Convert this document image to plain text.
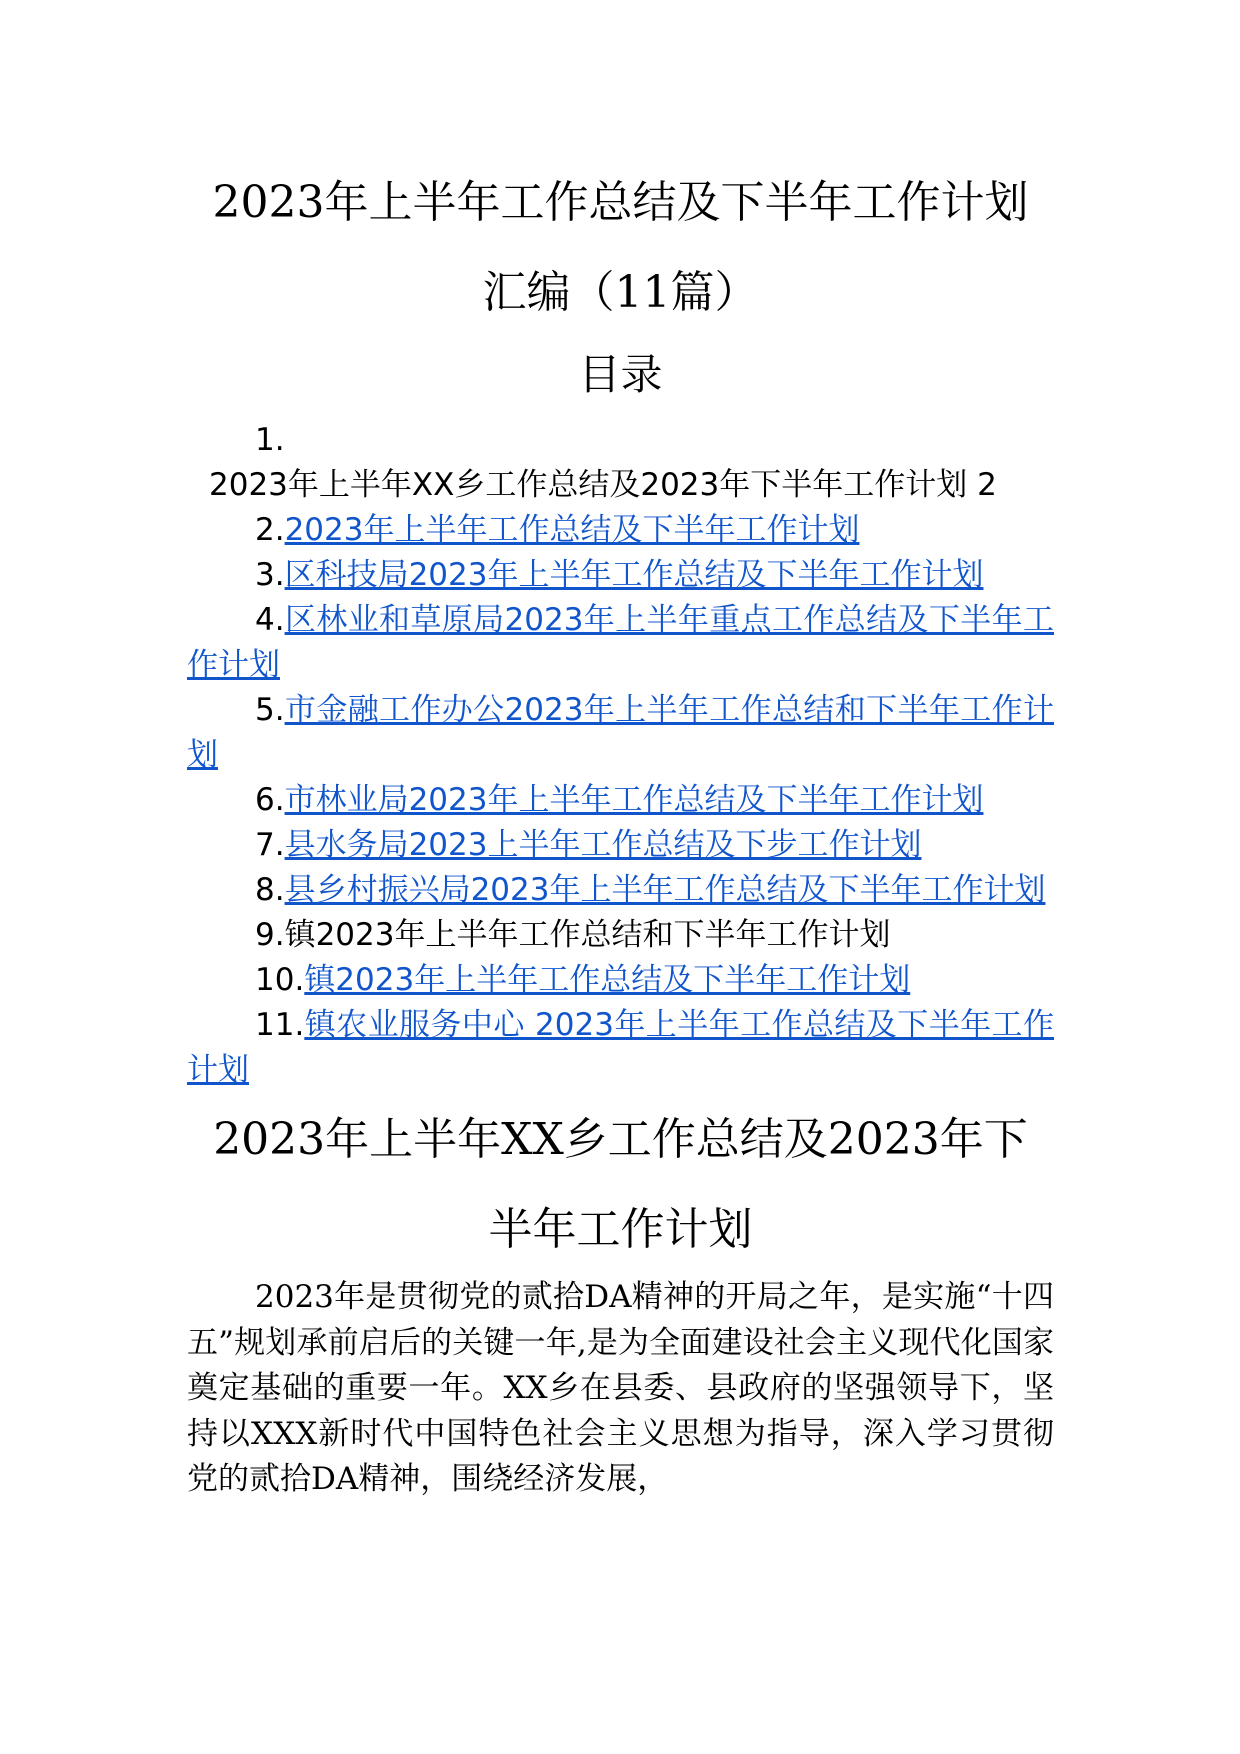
2023年上半年工作总结及下半年工作计划
汇编（11篇）
目录
1.
2023年上半年XX乡工作总结及2023年下半年工作计划 2
2.2023年上半年工作总结及下半年工作计划
3.区科技局2023年上半年工作总结及下半年工作计划
4.区林业和草原局2023年上半年重点工作总结及下半年工作计划
5.市金融工作办公2023年上半年工作总结和下半年工作计划
6.市林业局2023年上半年工作总结及下半年工作计划
7.县水务局2023上半年工作总结及下步工作计划
8.县乡村振兴局2023年上半年工作总结及下半年工作计划
9.镇2023年上半年工作总结和下半年工作计划
10.镇2023年上半年工作总结及下半年工作计划
11.镇农业服务中心 2023年上半年工作总结及下半年工作计划
2023年上半年XX乡工作总结及2023年下
半年工作计划

2023年是贯彻党的贰拾DA精神的开局之年，是实施“十四五”规划承前启后的关键一年,是为全面建设社会主义现代化国家奠定基础的重要一年。XX乡在县委、县政府的坚强领导下，坚持以XXX新时代中国特色社会主义思想为指导，深入学习贯彻党的贰拾DA精神，围绕经济发展，
